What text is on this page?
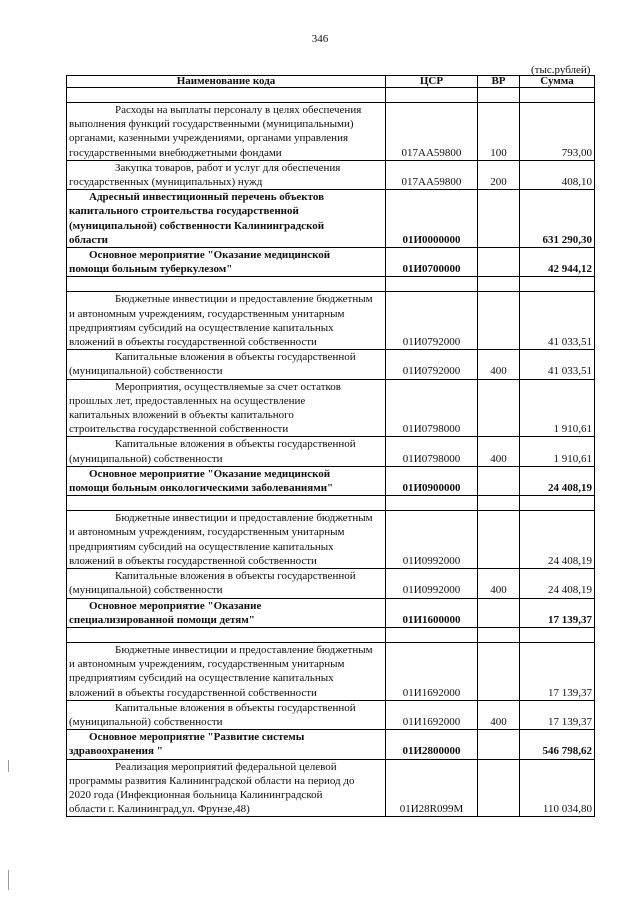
346
(тыс.рублей)
Наименование кода	ЦСР	ВР	Сумма

Расходы на выплаты персоналу в целях обеспечения
выполнения функций государственными (муниципальными)
органами, казенными учреждениями, органами управления
государственными внебюджетными фондами	017АА59800	100	793,00
Закупка товаров, работ и услуг для обеспечения
государственных (муниципальных) нужд	017АА59800	200	408,10
Адресный инвестиционный перечень объектов
капитального строительства государственной
(муниципальной) собственности Калининградской
области	01И0000000		631 290,30
Основное мероприятие "Оказание медицинской
помощи больным туберкулезом"	01И0700000		42 944,12

Бюджетные инвестиции и предоставление бюджетным
и автономным учреждениям, государственным унитарным
предприятиям субсидий на осуществление капитальных
вложений в объекты государственной собственности	01И0792000		41 033,51
Капитальные вложения в объекты государственной
(муниципальной) собственности	01И0792000	400	41 033,51
Мероприятия, осуществляемые за счет остатков
прошлых лет, предоставленных на осуществление
капитальных вложений в объекты капитального
строительства государственной собственности	01И0798000		1 910,61
Капитальные вложения в объекты государственной
(муниципальной) собственности	01И0798000	400	1 910,61
Основное мероприятие "Оказание медицинской
помощи больным онкологическими заболеваниями"	01И0900000		24 408,19

Бюджетные инвестиции и предоставление бюджетным
и автономным учреждениям, государственным унитарным
предприятиям субсидий на осуществление капитальных
вложений в объекты государственной собственности	01И0992000		24 408,19
Капитальные вложения в объекты государственной
(муниципальной) собственности	01И0992000	400	24 408,19
Основное мероприятие "Оказание
специализированной помощи детям"	01И1600000		17 139,37

Бюджетные инвестиции и предоставление бюджетным
и автономным учреждениям, государственным унитарным
предприятиям субсидий на осуществление капитальных
вложений в объекты государственной собственности	01И1692000		17 139,37
Капитальные вложения в объекты государственной
(муниципальной) собственности	01И1692000	400	17 139,37
Основное мероприятие "Развитие системы
здравоохранения "	01И2800000		546 798,62
Реализация мероприятий федеральной целевой
программы развития Калининградской области на период до
2020 года (Инфекционная больница Калининградской
области г. Калининград,ул. Фрунзе,48)	01И28R099M		110 034,80
